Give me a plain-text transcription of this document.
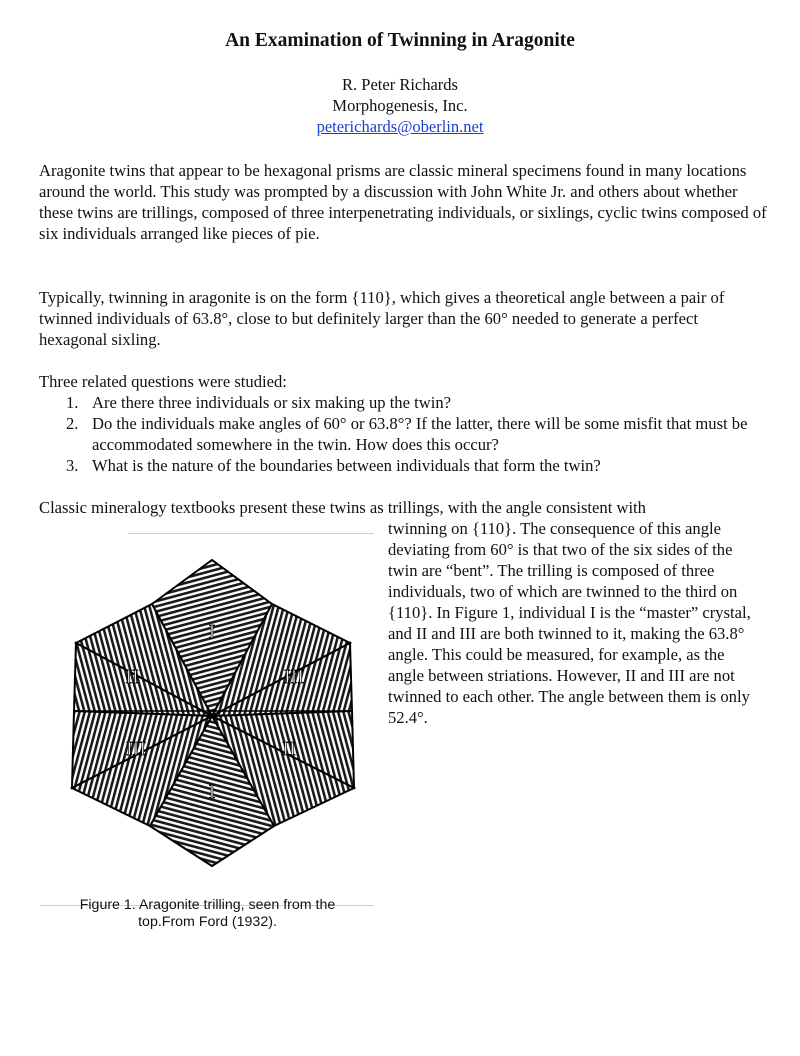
An Examination of Twinning in Aragonite
R. Peter Richards
Morphogenesis, Inc.
peterichards@oberlin.net

Aragonite twins that appear to be hexagonal prisms are classic mineral specimens found in many locations around the world. This study was prompted by a discussion with John White Jr. and others about whether these twins are trillings, composed of three interpenetrating individuals, or sixlings, cyclic twins composed of six individuals arranged like pieces of pie.

Typically, twinning in aragonite is on the form {110}, which gives a theoretical angle between a pair of twinned individuals of 63.8°, close to but definitely larger than the 60° needed to generate a perfect hexagonal sixling.

Three related questions were studied:

1. Are there three individuals or six making up the twin?
2. Do the individuals make angles of 60° or 63.8°? If the latter, there will be some misfit that must be accommodated somewhere in the twin. How does this occur?
3. What is the nature of the boundaries between individuals that form the twin?

Classic mineralogy textbooks present these twins as trillings, with the angle consistent with

twinning on {110}. The consequence of this angle deviating from 60° is that two of the six sides of the twin are “bent”. The trilling is composed of three individuals, two of which are twinned to the third on {110}. In Figure 1, individual I is the “master” crystal, and II and III are both twinned to it, making the 63.8° angle. This could be measured, for example, as the angle between striations. However, II and III are not twinned to each other. The angle between them is only 52.4°.
I
II	III
III	II
I
Figure 1. Aragonite trilling, seen from the
top.From Ford (1932).
